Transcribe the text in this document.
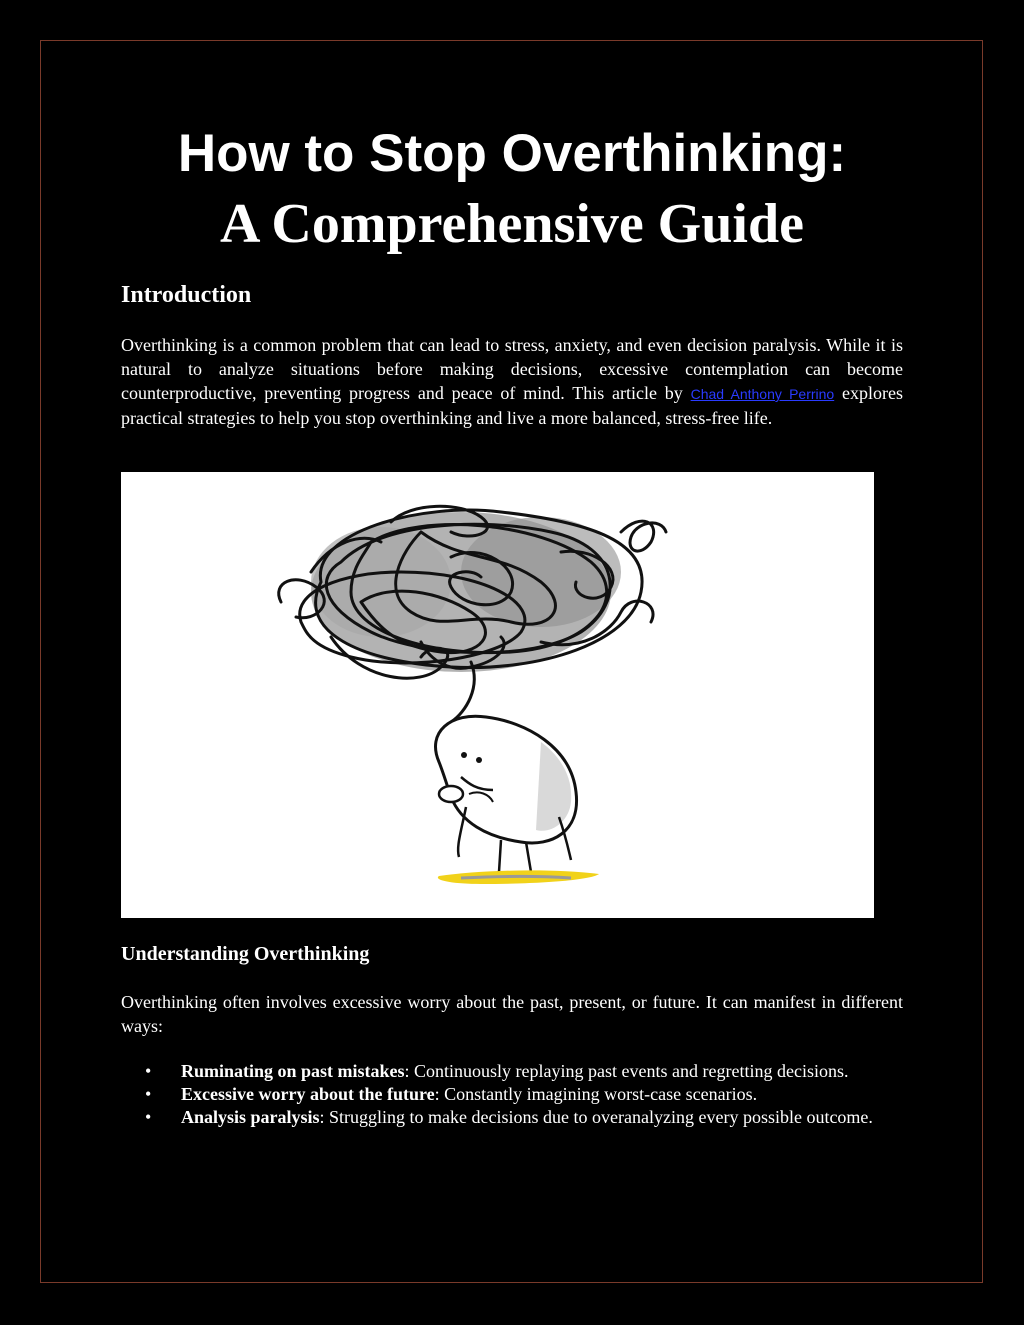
How to Stop Overthinking:
A Comprehensive Guide
Introduction

Overthinking is a common problem that can lead to stress, anxiety, and even decision paralysis. While it is natural to analyze situations before making decisions, excessive contemplation can become counterproductive, preventing progress and peace of mind. This article by Chad Anthony Perrino explores practical strategies to help you stop overthinking and live a more balanced, stress-free life.

Understanding Overthinking

Overthinking often involves excessive worry about the past, present, or future. It can manifest in different ways:

• Ruminating on past mistakes: Continuously replaying past events and regretting decisions.
• Excessive worry about the future: Constantly imagining worst-case scenarios.
• Analysis paralysis: Struggling to make decisions due to overanalyzing every possible outcome.
